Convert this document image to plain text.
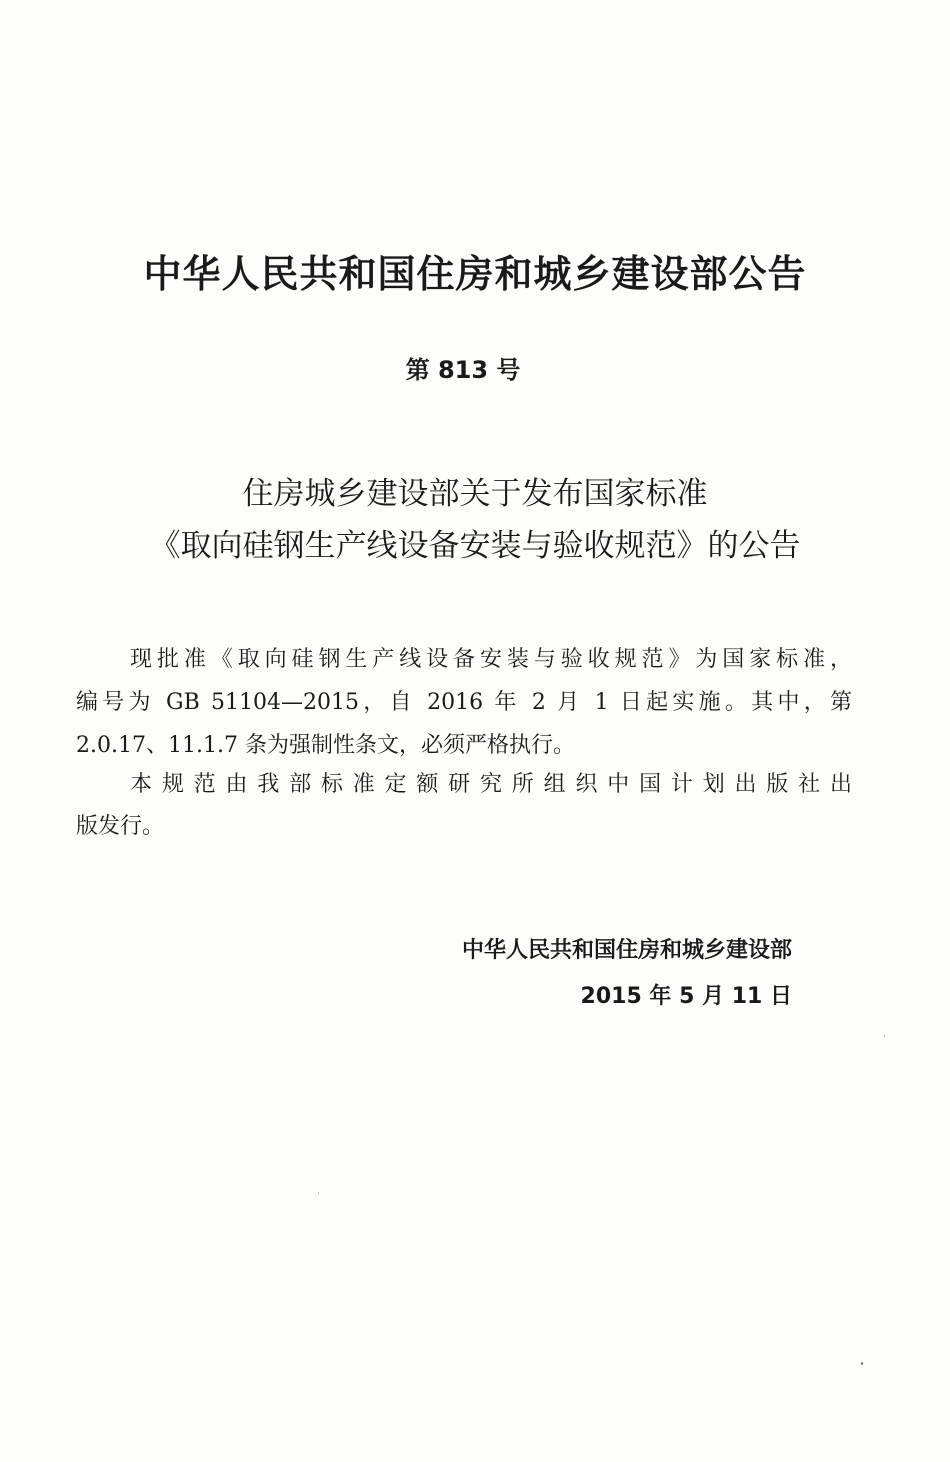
中华人民共和国住房和城乡建设部公告
第 813 号
住房城乡建设部关于发布国家标准
《取向硅钢生产线设备安装与验收规范》的公告
现批准《取向硅钢生产线设备安装与验收规范》为国家标准，
编号为 GB 51104—2015，自 2016 年 2 月 1 日起实施。其中，第
2.0.17、11.1.7 条为强制性条文，必须严格执行。
本规范由我部标准定额研究所组织中国计划出版社出
版发行。
中华人民共和国住房和城乡建设部
2015 年 5 月 11 日
